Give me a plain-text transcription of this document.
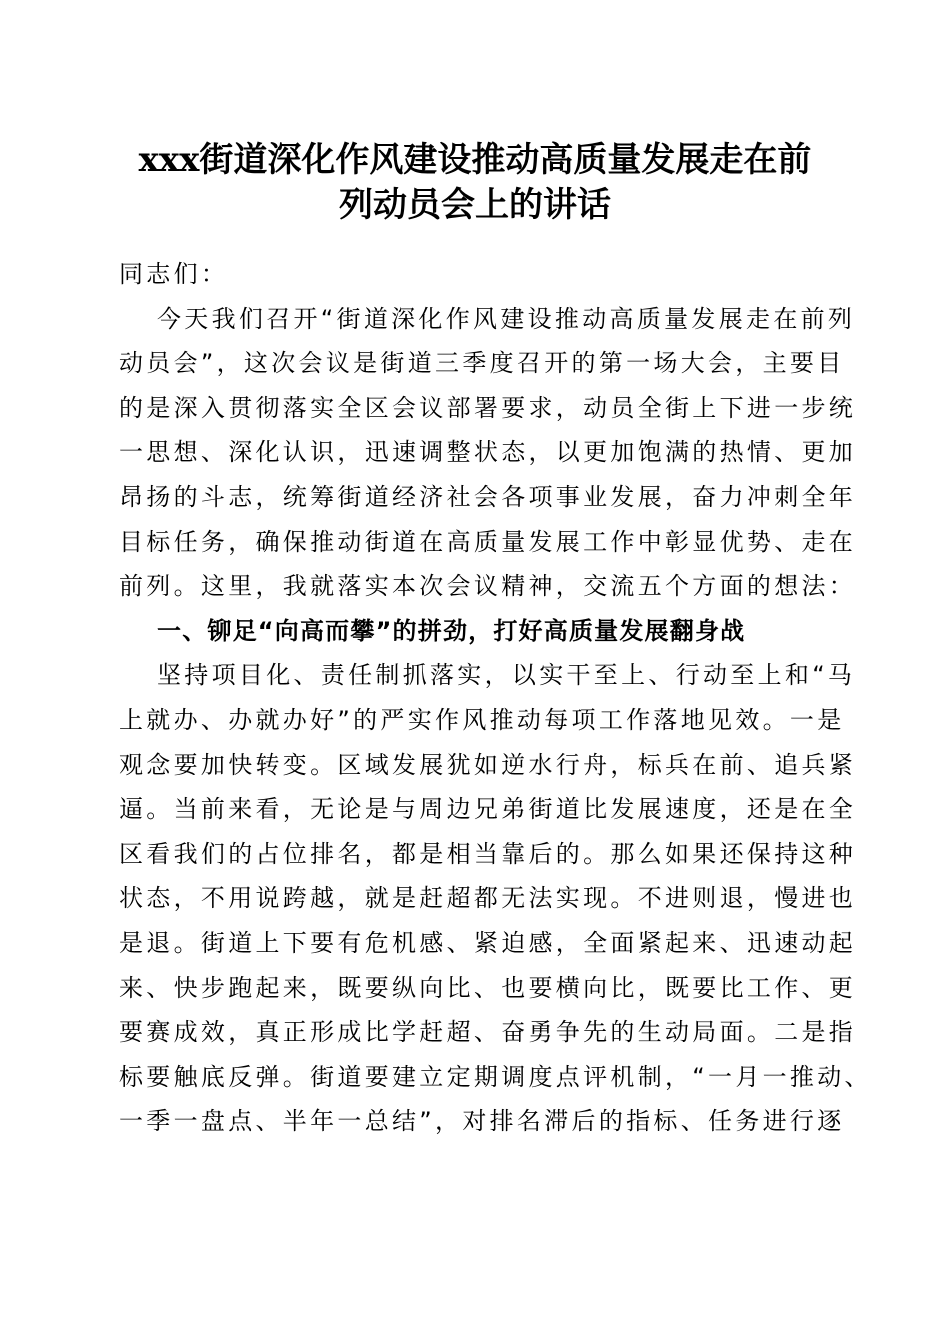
xxx街道深化作风建设推动高质量发展走在前
列动员会上的讲话
同志们：
今天我们召开“街道深化作风建设推动高质量发展走在前列
动员会”，这次会议是街道三季度召开的第一场大会，主要目
的是深入贯彻落实全区会议部署要求，动员全街上下进一步统
一思想、深化认识，迅速调整状态，以更加饱满的热情、更加
昂扬的斗志，统筹街道经济社会各项事业发展，奋力冲刺全年
目标任务，确保推动街道在高质量发展工作中彰显优势、走在
前列。这里，我就落实本次会议精神，交流五个方面的想法：
一、铆足“向高而攀”的拼劲，打好高质量发展翻身战
坚持项目化、责任制抓落实，以实干至上、行动至上和“马
上就办、办就办好”的严实作风推动每项工作落地见效。一是
观念要加快转变。区域发展犹如逆水行舟，标兵在前、追兵紧
逼。当前来看，无论是与周边兄弟街道比发展速度，还是在全
区看我们的占位排名，都是相当靠后的。那么如果还保持这种
状态，不用说跨越，就是赶超都无法实现。不进则退，慢进也
是退。街道上下要有危机感、紧迫感，全面紧起来、迅速动起
来、快步跑起来，既要纵向比、也要横向比，既要比工作、更
要赛成效，真正形成比学赶超、奋勇争先的生动局面。二是指
标要触底反弹。街道要建立定期调度点评机制，“一月一推动、
一季一盘点、半年一总结”，对排名滞后的指标、任务进行逐
